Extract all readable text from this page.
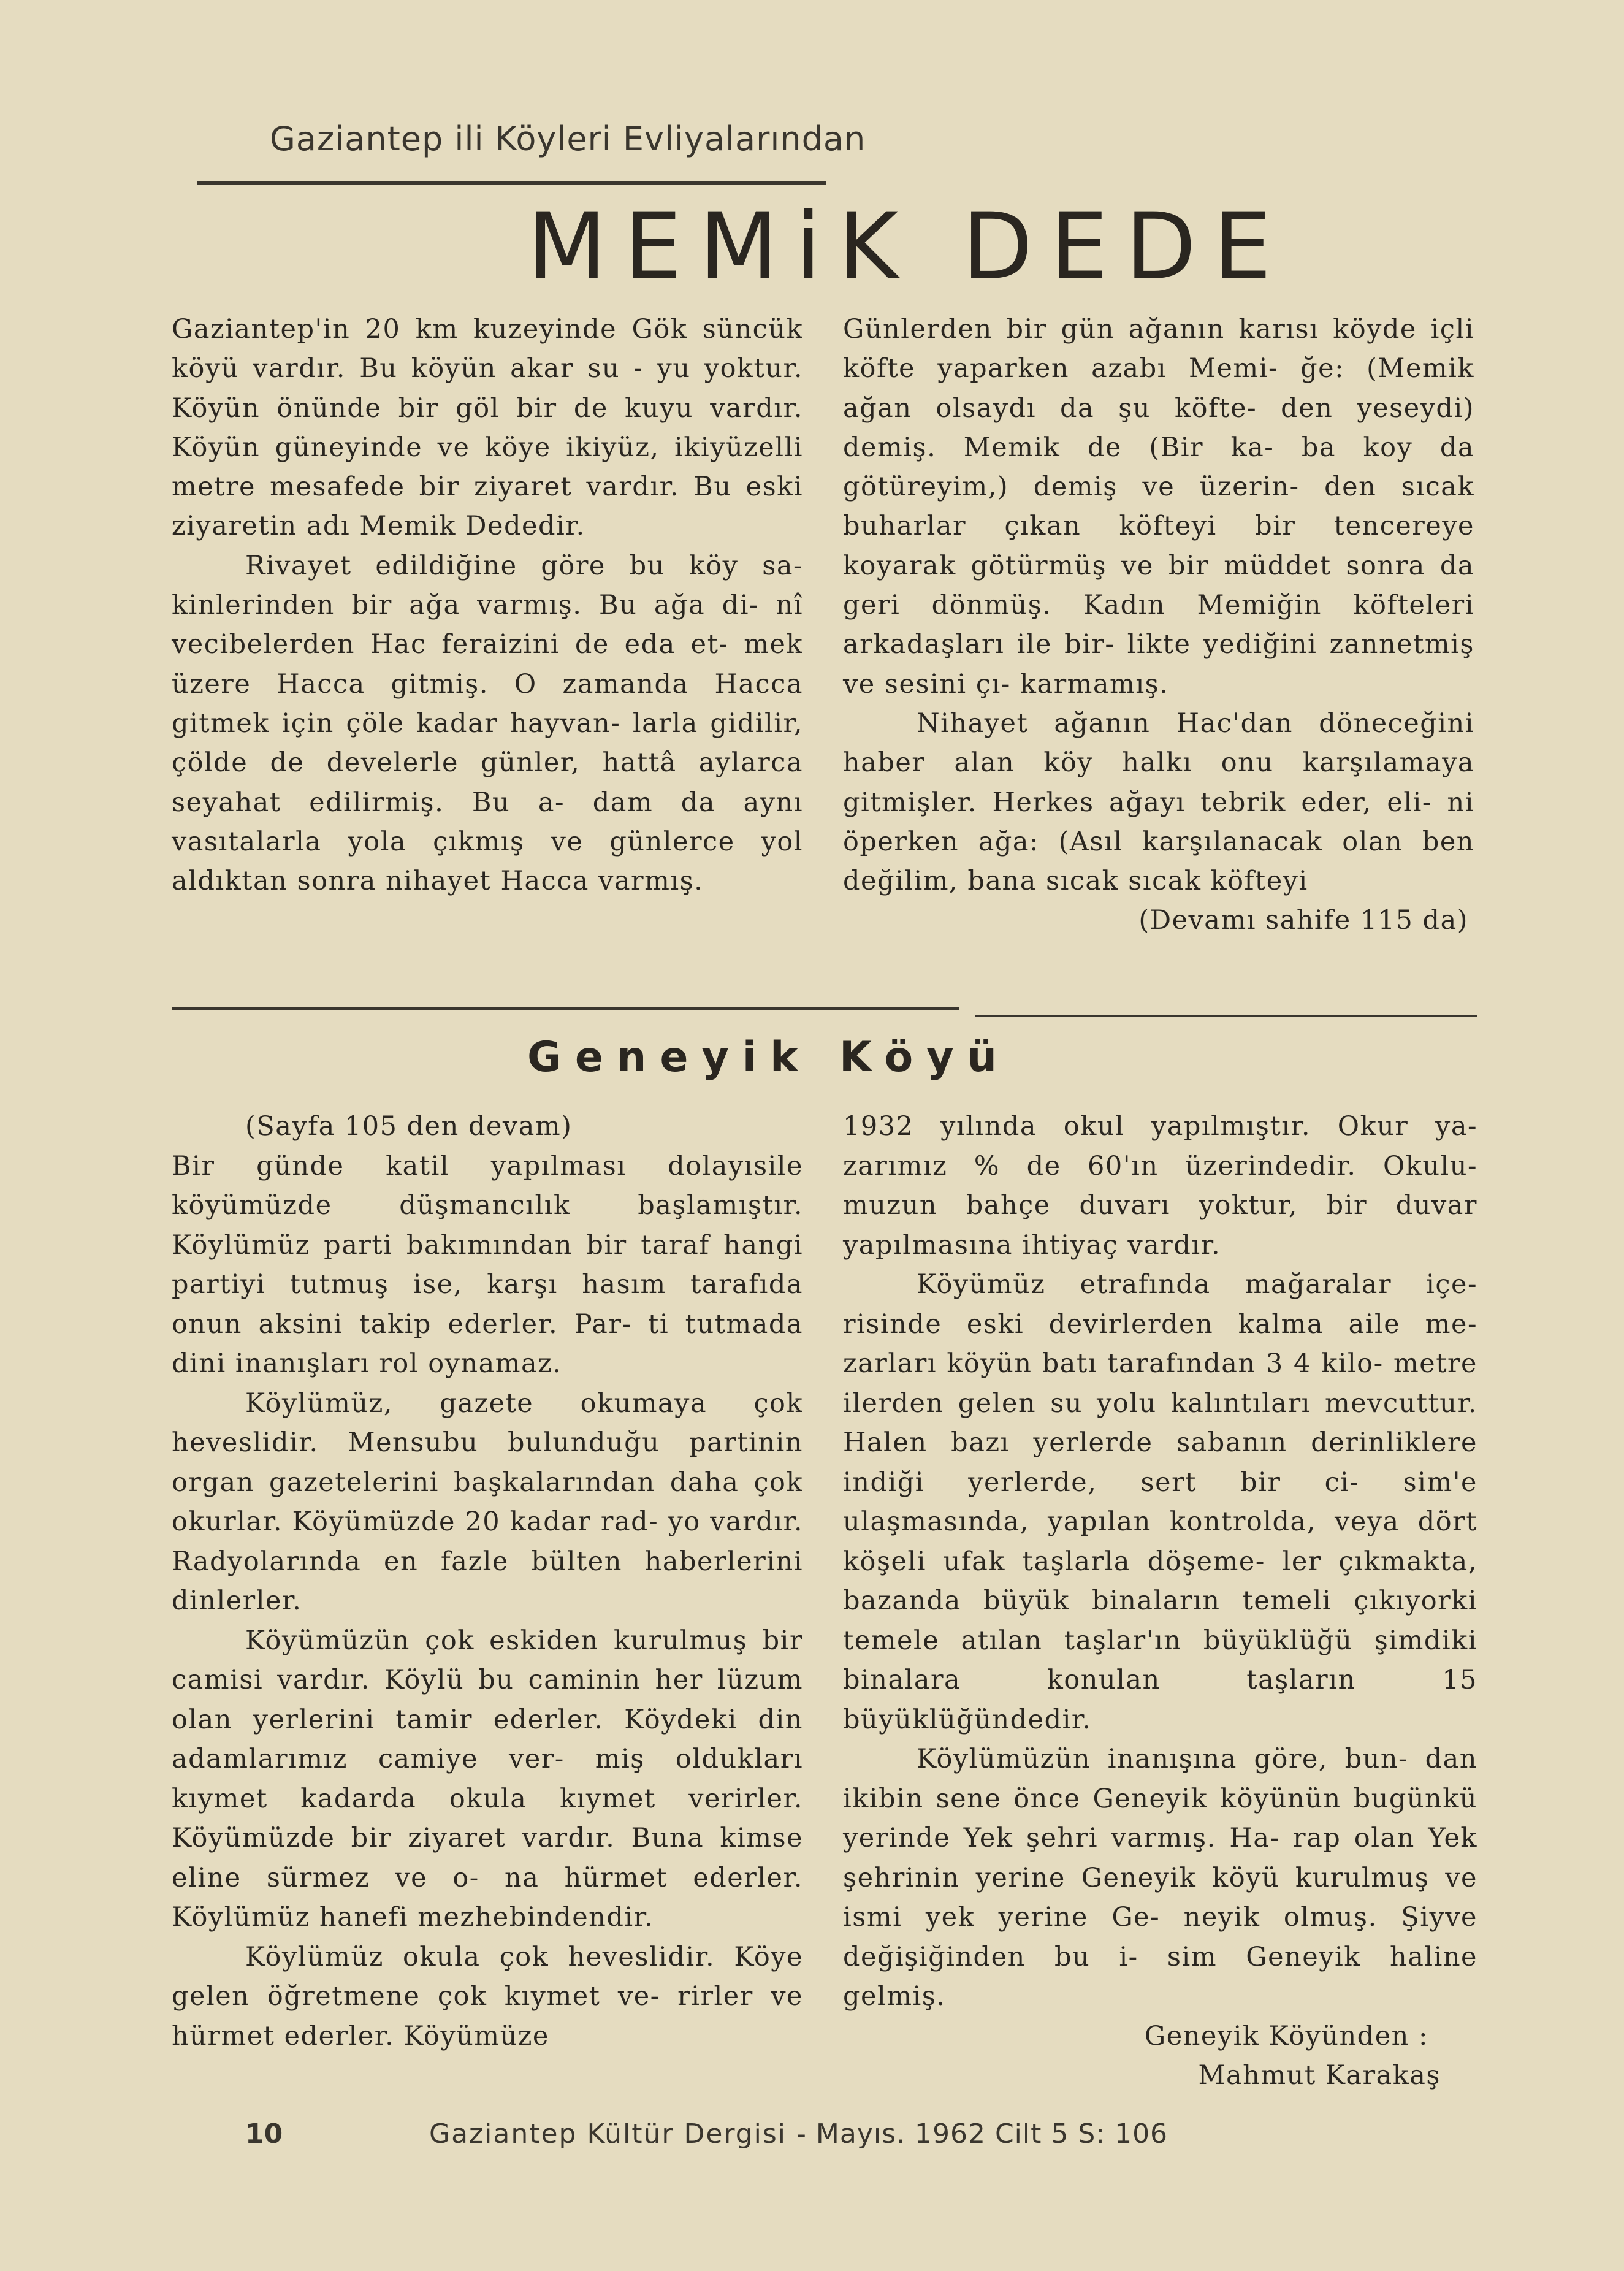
Gaziantep ili Köyleri Evliyalarından
MEMiK DEDE

Gaziantep'in 20 km kuzeyinde Gök süncük köyü vardır. Bu köyün akar su - yu yoktur. Köyün önünde bir göl bir de kuyu vardır. Köyün güneyinde ve köye ikiyüz, ikiyüzelli metre mesafede bir ziyaret vardır. Bu eski ziyaretin adı Memik Dededir.

Rivayet edildiğine göre bu köy sa- kinlerinden bir ağa varmış. Bu ağa di- nî vecibelerden Hac feraizini de eda et- mek üzere Hacca gitmiş. O zamanda Hacca gitmek için çöle kadar hayvan- larla gidilir, çölde de develerle günler, hattâ aylarca seyahat edilirmiş. Bu a- dam da aynı vasıtalarla yola çıkmış ve günlerce yol aldıktan sonra nihayet Hacca varmış.

Günlerden bir gün ağanın karısı köyde içli köfte yaparken azabı Memi- ğe: (Memik ağan olsaydı da şu köfte- den yeseydi) demiş. Memik de (Bir ka- ba koy da götüreyim,) demiş ve üzerin- den sıcak buharlar çıkan köfteyi bir tencereye koyarak götürmüş ve bir müddet sonra da geri dönmüş. Kadın Memiğin köfteleri arkadaşları ile bir- likte yediğini zannetmiş ve sesini çı- karmamış.

Nihayet ağanın Hac'dan döneceğini haber alan köy halkı onu karşılamaya gitmişler. Herkes ağayı tebrik eder, eli- ni öperken ağa: (Asıl karşılanacak olan ben değilim, bana sıcak sıcak köfteyi

(Devamı sahife 115 da)

Geneyik Köyü

(Sayfa 105 den devam)

Bir günde katil yapılması dolayısile köyümüzde düşmancılık başlamıştır. Köylümüz parti bakımından bir taraf hangi partiyi tutmuş ise, karşı hasım tarafıda onun aksini takip ederler. Par- ti tutmada dini inanışları rol oynamaz.

Köylümüz, gazete okumaya çok heveslidir. Mensubu bulunduğu partinin organ gazetelerini başkalarından daha çok okurlar. Köyümüzde 20 kadar rad- yo vardır. Radyolarında en fazle bülten haberlerini dinlerler.

Köyümüzün çok eskiden kurulmuş bir camisi vardır. Köylü bu caminin her lüzum olan yerlerini tamir ederler. Köydeki din adamlarımız camiye ver- miş oldukları kıymet kadarda okula kıymet verirler. Köyümüzde bir ziyaret vardır. Buna kimse eline sürmez ve o- na hürmet ederler. Köylümüz hanefi mezhebindendir.

Köylümüz okula çok heveslidir. Köye gelen öğretmene çok kıymet ve- rirler ve hürmet ederler. Köyümüze

1932 yılında okul yapılmıştır. Okur ya- zarımız % de 60'ın üzerindedir. Okulu- muzun bahçe duvarı yoktur, bir duvar yapılmasına ihtiyaç vardır.

Köyümüz etrafında mağaralar içe- risinde eski devirlerden kalma aile me- zarları köyün batı tarafından 3 4 kilo- metre ilerden gelen su yolu kalıntıları mevcuttur. Halen bazı yerlerde sabanın derinliklere indiği yerlerde, sert bir ci- sim'e ulaşmasında, yapılan kontrolda, veya dört köşeli ufak taşlarla döşeme- ler çıkmakta, bazanda büyük binaların temeli çıkıyorki temele atılan taşlar'ın büyüklüğü şimdiki binalara konulan taşların 15 büyüklüğündedir.

Köylümüzün inanışına göre, bun- dan ikibin sene önce Geneyik köyünün bugünkü yerinde Yek şehri varmış. Ha- rap olan Yek şehrinin yerine Geneyik köyü kurulmuş ve ismi yek yerine Ge- neyik olmuş. Şiyve değişiğinden bu i- sim Geneyik haline gelmiş.

Geneyik Köyünden :

Mahmut Karakaş

10	Gaziantep Kültür Dergisi - Mayıs. 1962 Cilt 5 S: 106
